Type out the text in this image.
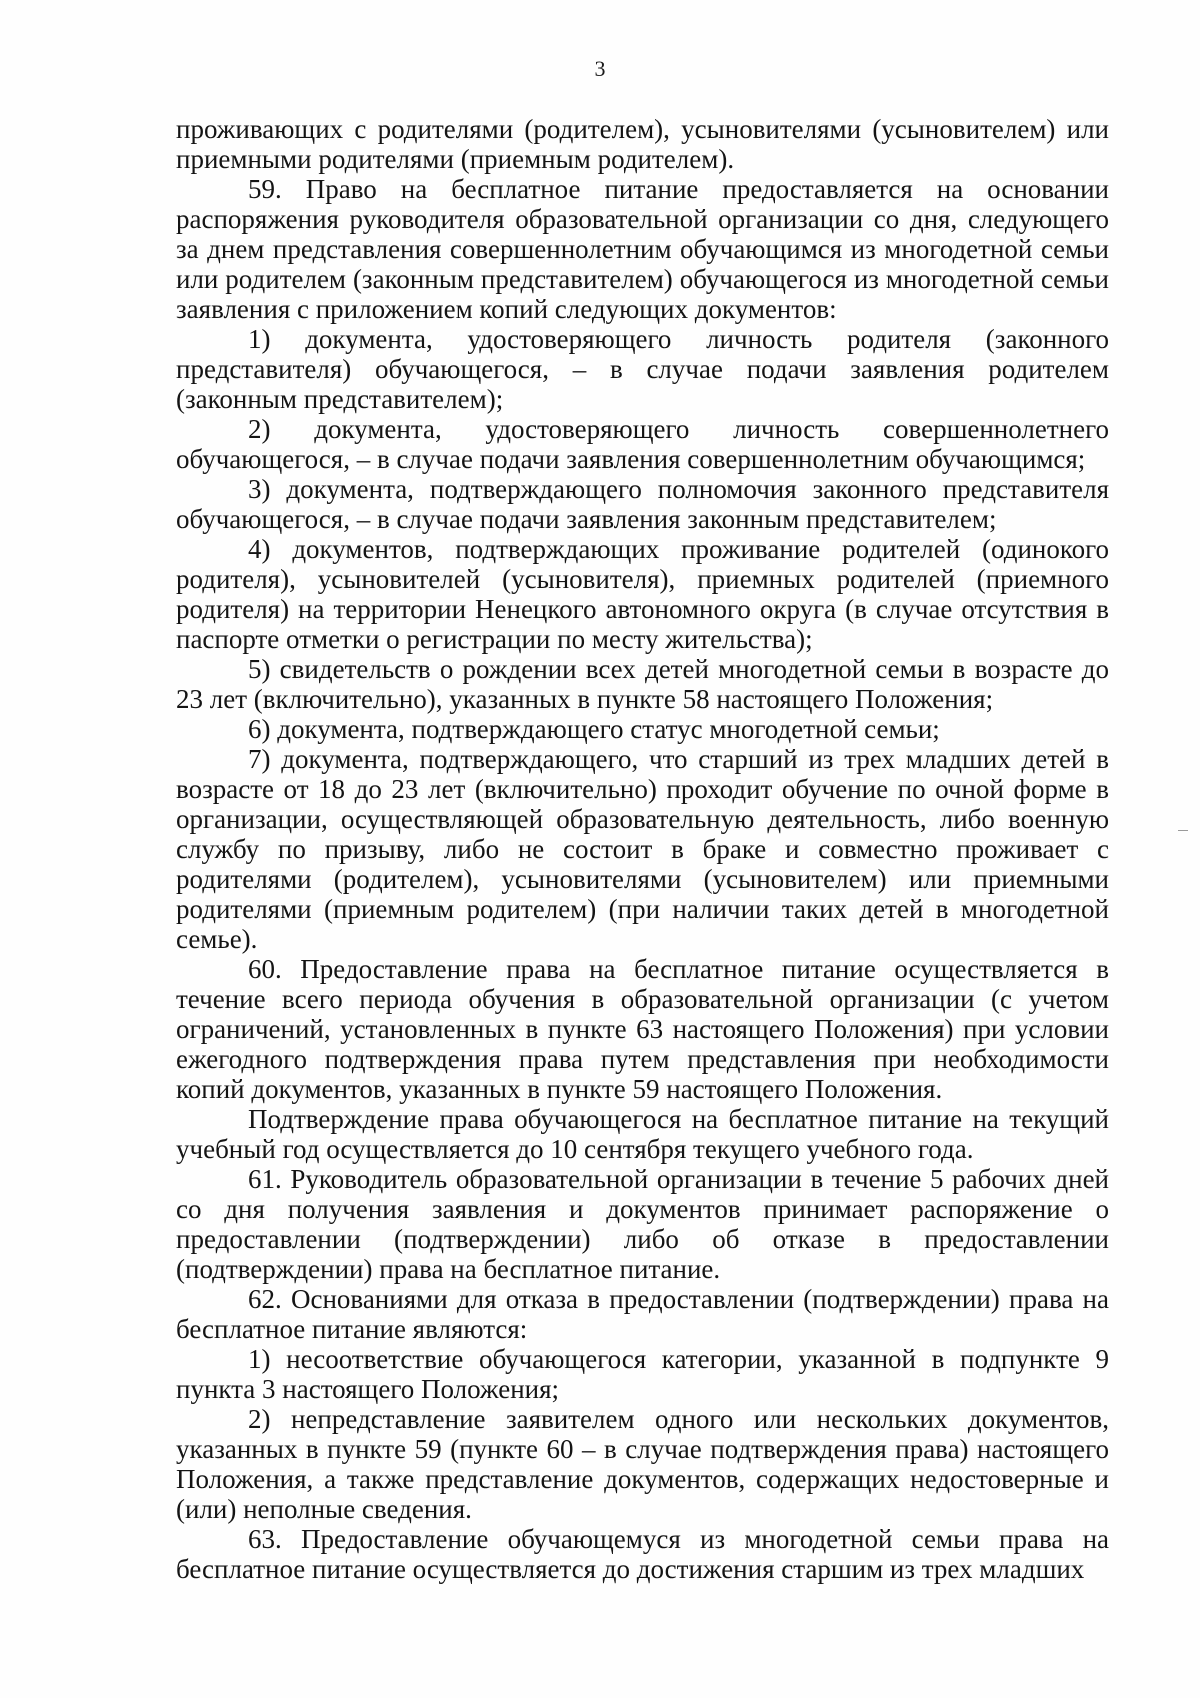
3

проживающих с родителями (родителем), усыновителями (усыновителем) или приемными родителями (приемным родителем).

59. Право на бесплатное питание предоставляется на основании распоряжения руководителя образовательной организации со дня, следующего за днем представления совершеннолетним обучающимся из многодетной семьи или родителем (законным представителем) обучающегося из многодетной семьи заявления с приложением копий следующих документов:

1) документа, удостоверяющего личность родителя (законного представителя) обучающегося, – в случае подачи заявления родителем (законным представителем);

2) документа, удостоверяющего личность совершеннолетнего обучающегося, – в случае подачи заявления совершеннолетним обучающимся;

3) документа, подтверждающего полномочия законного представителя обучающегося, – в случае подачи заявления законным представителем;

4) документов, подтверждающих проживание родителей (одинокого родителя), усыновителей (усыновителя), приемных родителей (приемного родителя) на территории Ненецкого автономного округа (в случае отсутствия в паспорте отметки о регистрации по месту жительства);

5) свидетельств о рождении всех детей многодетной семьи в возрасте до 23 лет (включительно), указанных в пункте 58 настоящего Положения;

6) документа, подтверждающего статус многодетной семьи;

7) документа, подтверждающего, что старший из трех младших детей в возрасте от 18 до 23 лет (включительно) проходит обучение по очной форме в организации, осуществляющей образовательную деятельность, либо военную службу по призыву, либо не состоит в браке и совместно проживает с родителями (родителем), усыновителями (усыновителем) или приемными родителями (приемным родителем) (при наличии таких детей в многодетной семье).

60. Предоставление права на бесплатное питание осуществляется в течение всего периода обучения в образовательной организации (с учетом ограничений, установленных в пункте 63 настоящего Положения) при условии ежегодного подтверждения права путем представления при необходимости копий документов, указанных в пункте 59 настоящего Положения.

Подтверждение права обучающегося на бесплатное питание на текущий учебный год осуществляется до 10 сентября текущего учебного года.

61. Руководитель образовательной организации в течение 5 рабочих дней со дня получения заявления и документов принимает распоряжение о предоставлении (подтверждении) либо об отказе в предоставлении (подтверждении) права на бесплатное питание.

62. Основаниями для отказа в предоставлении (подтверждении) права на бесплатное питание являются:

1) несоответствие обучающегося категории, указанной в подпункте 9 пункта 3 настоящего Положения;

2) непредставление заявителем одного или нескольких документов, указанных в пункте 59 (пункте 60 – в случае подтверждения права) настоящего Положения, а также представление документов, содержащих недостоверные и (или) неполные сведения.

63. Предоставление обучающемуся из многодетной семьи права на бесплатное питание осуществляется до достижения старшим из трех младших
